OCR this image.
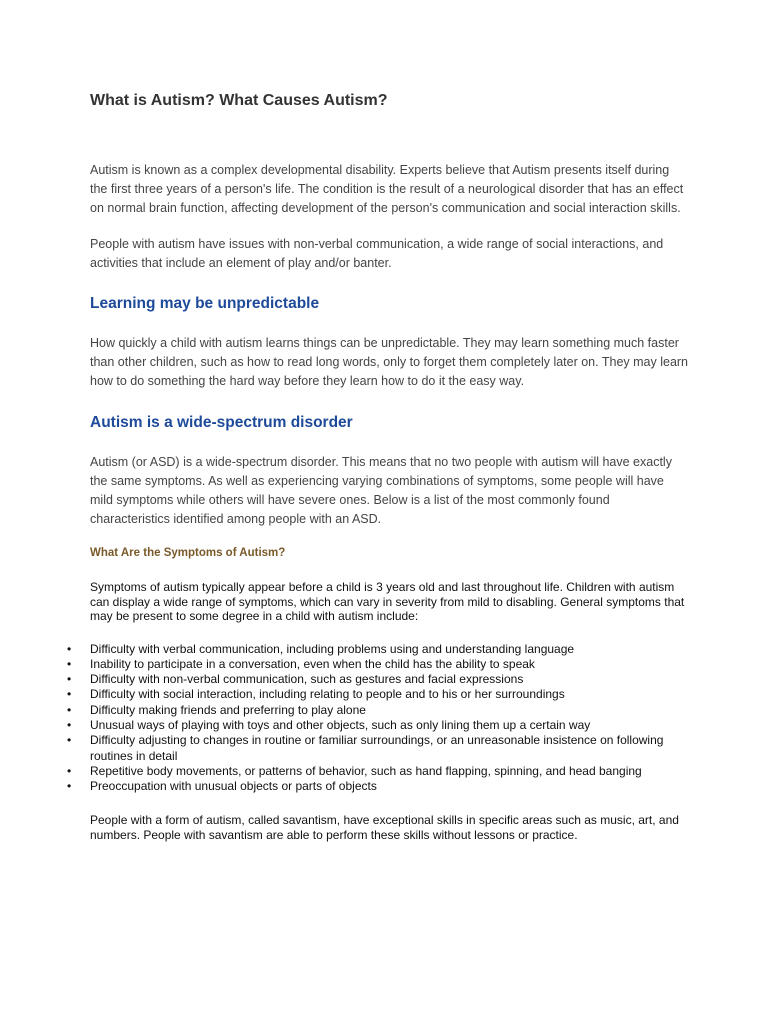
What is Autism? What Causes Autism?

Autism is known as a complex developmental disability. Experts believe that Autism presents itself during the first three years of a person's life. The condition is the result of a neurological disorder that has an effect on normal brain function, affecting development of the person's communication and social interaction skills.

People with autism have issues with non-verbal communication, a wide range of social interactions, and activities that include an element of play and/or banter.

Learning may be unpredictable

How quickly a child with autism learns things can be unpredictable. They may learn something much faster than other children, such as how to read long words, only to forget them completely later on. They may learn how to do something the hard way before they learn how to do it the easy way.

Autism is a wide-spectrum disorder

Autism (or ASD) is a wide-spectrum disorder. This means that no two people with autism will have exactly the same symptoms. As well as experiencing varying combinations of symptoms, some people will have mild symptoms while others will have severe ones. Below is a list of the most commonly found characteristics identified among people with an ASD.

What Are the Symptoms of Autism?

Symptoms of autism typically appear before a child is 3 years old and last throughout life. Children with autism can display a wide range of symptoms, which can vary in severity from mild to disabling. General symptoms that may be present to some degree in a child with autism include:

• Difficulty with verbal communication, including problems using and understanding language
• Inability to participate in a conversation, even when the child has the ability to speak
• Difficulty with non-verbal communication, such as gestures and facial expressions
• Difficulty with social interaction, including relating to people and to his or her surroundings
• Difficulty making friends and preferring to play alone
• Unusual ways of playing with toys and other objects, such as only lining them up a certain way
• Difficulty adjusting to changes in routine or familiar surroundings, or an unreasonable insistence on following routines in detail
• Repetitive body movements, or patterns of behavior, such as hand flapping, spinning, and head banging
• Preoccupation with unusual objects or parts of objects

People with a form of autism, called savantism, have exceptional skills in specific areas such as music, art, and numbers. People with savantism are able to perform these skills without lessons or practice.
